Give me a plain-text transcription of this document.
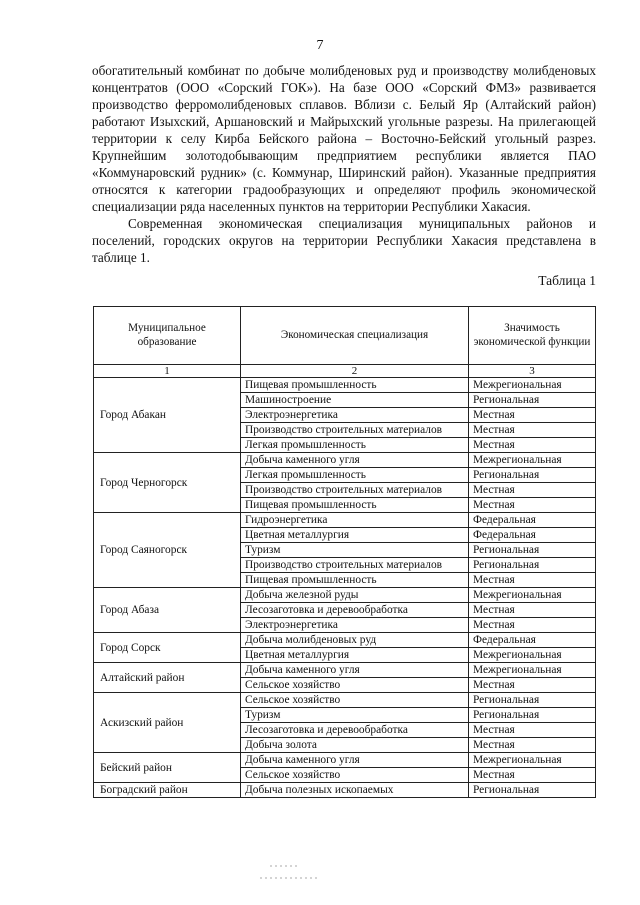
7

обогатительный комбинат по добыче молибденовых руд и производству молибденовых концентратов (ООО «Сорский ГОК»). На базе ООО «Сорский ФМЗ» развивается производство ферромолибденовых сплавов. Вблизи с. Белый Яр (Алтайский район) работают Изыхский, Аршановский и Майрыхский угольные разрезы. На прилегающей территории к селу Кирба Бейского района – Восточно-Бейский угольный разрез. Крупнейшим золотодобывающим предприятием республики является ПАО «Коммунаровский рудник» (с. Коммунар, Ширинский район). Указанные предприятия относятся к категории градообразующих и определяют профиль экономической специализации ряда населенных пунктов на территории Республики Хакасия.

Современная экономическая специализация муниципальных районов и поселений, городских округов на территории Республики Хакасия представлена в таблице 1.

Таблица 1
Муниципальное образование	Экономическая специализация	Значимость экономической функции
1	2	3
Город Абакан	Пищевая промышленность	Межрегиональная
	Машиностроение	Региональная
	Электроэнергетика	Местная
	Производство строительных материалов	Местная
	Легкая промышленность	Местная
Город Черногорск	Добыча каменного угля	Межрегиональная
	Легкая промышленность	Региональная
	Производство строительных материалов	Местная
	Пищевая промышленность	Местная
Город Саяногорск	Гидроэнергетика	Федеральная
	Цветная металлургия	Федеральная
	Туризм	Региональная
	Производство строительных материалов	Региональная
	Пищевая промышленность	Местная
Город Абаза	Добыча железной руды	Межрегиональная
	Лесозаготовка и деревообработка	Местная
	Электроэнергетика	Местная
Город Сорск	Добыча молибденовых руд	Федеральная
	Цветная металлургия	Межрегиональная
Алтайский район	Добыча каменного угля	Межрегиональная
	Сельское хозяйство	Местная
Аскизский район	Сельское хозяйство	Региональная
	Туризм	Региональная
	Лесозаготовка и деревообработка	Местная
	Добыча золота	Местная
Бейский район	Добыча каменного угля	Межрегиональная
	Сельское хозяйство	Местная
Боградский район	Добыча полезных ископаемых	Региональная
